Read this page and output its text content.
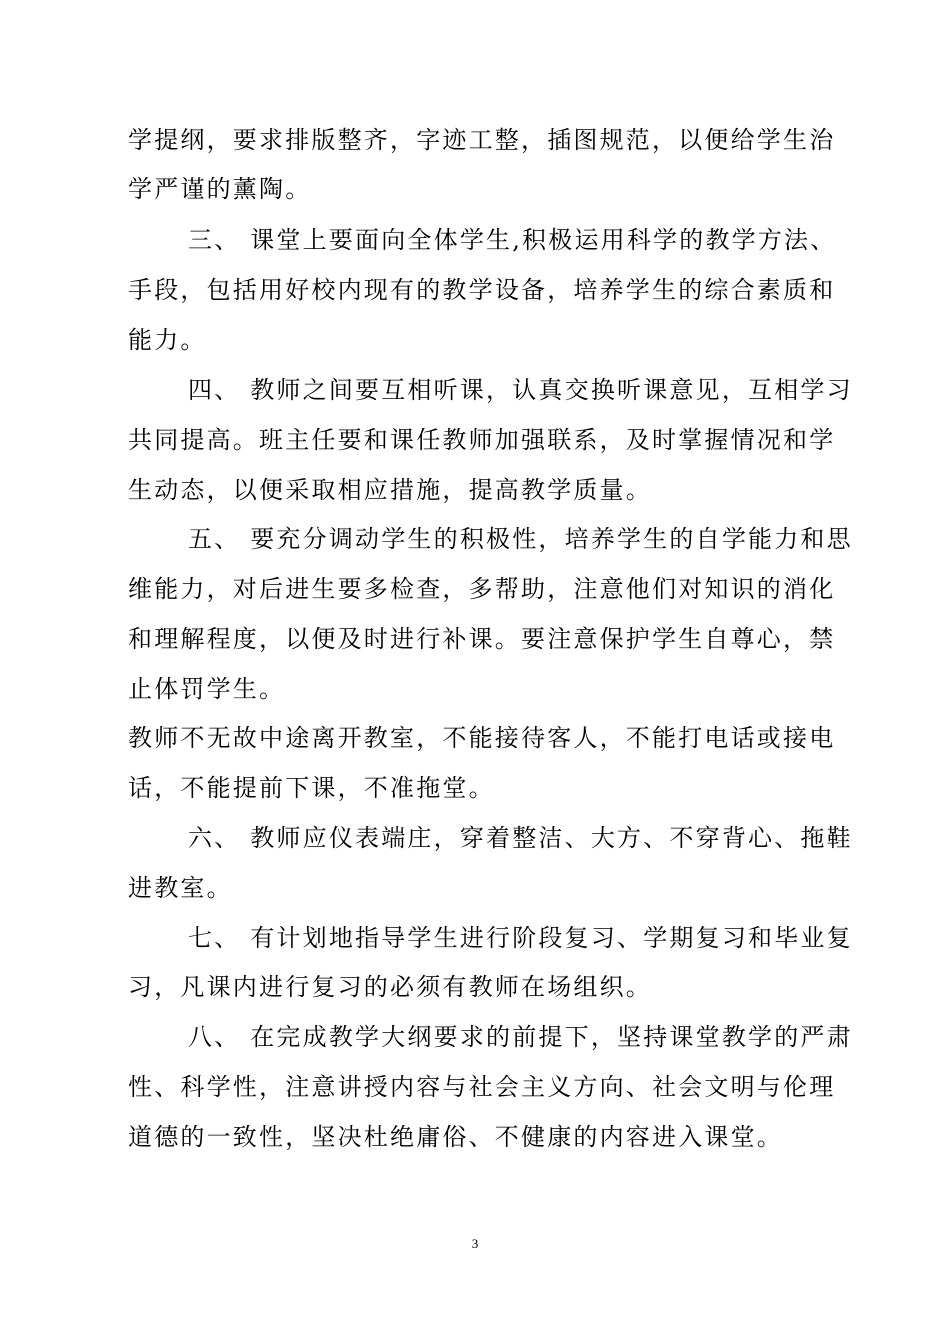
学提纲，要求排版整齐，字迹工整，插图规范，以便给学生治
学严谨的薰陶。
三、 课堂上要面向全体学生,积极运用科学的教学方法、
手段，包括用好校内现有的教学设备，培养学生的综合素质和
能力。
四、 教师之间要互相听课，认真交换听课意见，互相学习
共同提高。班主任要和课任教师加强联系，及时掌握情况和学
生动态，以便采取相应措施，提高教学质量。
五、 要充分调动学生的积极性，培养学生的自学能力和思
维能力，对后进生要多检查，多帮助，注意他们对知识的消化
和理解程度，以便及时进行补课。要注意保护学生自尊心，禁
止体罚学生。
教师不无故中途离开教室，不能接待客人，不能打电话或接电
话，不能提前下课，不准拖堂。
六、 教师应仪表端庄，穿着整洁、大方、不穿背心、拖鞋
进教室。
七、 有计划地指导学生进行阶段复习、学期复习和毕业复
习，凡课内进行复习的必须有教师在场组织。
八、 在完成教学大纲要求的前提下，坚持课堂教学的严肃
性、科学性，注意讲授内容与社会主义方向、社会文明与伦理
道德的一致性，坚决杜绝庸俗、不健康的内容进入课堂。
3
